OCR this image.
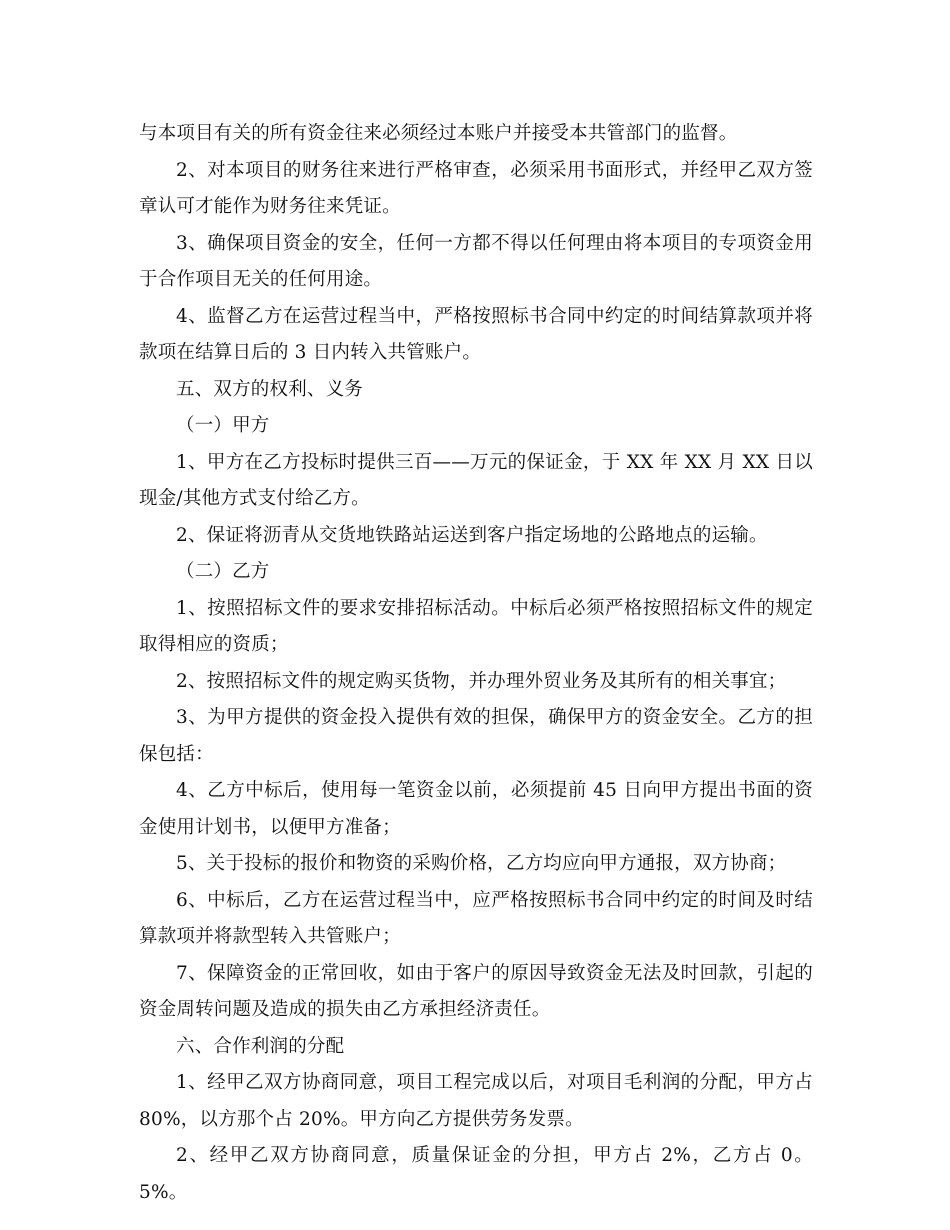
与本项目有关的所有资金往来必须经过本账户并接受本共管部门的监督。

2、对本项目的财务往来进行严格审查，必须采用书面形式，并经甲乙双方签章认可才能作为财务往来凭证。

3、确保项目资金的安全，任何一方都不得以任何理由将本项目的专项资金用于合作项目无关的任何用途。

4、监督乙方在运营过程当中，严格按照标书合同中约定的时间结算款项并将款项在结算日后的 3 日内转入共管账户。

五、双方的权利、义务

（一）甲方

1、甲方在乙方投标时提供三百——万元的保证金，于 XX 年 XX 月 XX 日以现金/其他方式支付给乙方。

2、保证将沥青从交货地铁路站运送到客户指定场地的公路地点的运输。

（二）乙方

1、按照招标文件的要求安排招标活动。中标后必须严格按照招标文件的规定取得相应的资质；

2、按照招标文件的规定购买货物，并办理外贸业务及其所有的相关事宜；

3、为甲方提供的资金投入提供有效的担保，确保甲方的资金安全。乙方的担保包括：

4、乙方中标后，使用每一笔资金以前，必须提前 45 日向甲方提出书面的资金使用计划书，以便甲方准备；

5、关于投标的报价和物资的采购价格，乙方均应向甲方通报，双方协商；

6、中标后，乙方在运营过程当中，应严格按照标书合同中约定的时间及时结算款项并将款型转入共管账户；

7、保障资金的正常回收，如由于客户的原因导致资金无法及时回款，引起的资金周转问题及造成的损失由乙方承担经济责任。

六、合作利润的分配

1、经甲乙双方协商同意，项目工程完成以后，对项目毛利润的分配，甲方占80%，以方那个占 20%。甲方向乙方提供劳务发票。

2、经甲乙双方协商同意，质量保证金的分担，甲方占 2%，乙方占 0。5%。
